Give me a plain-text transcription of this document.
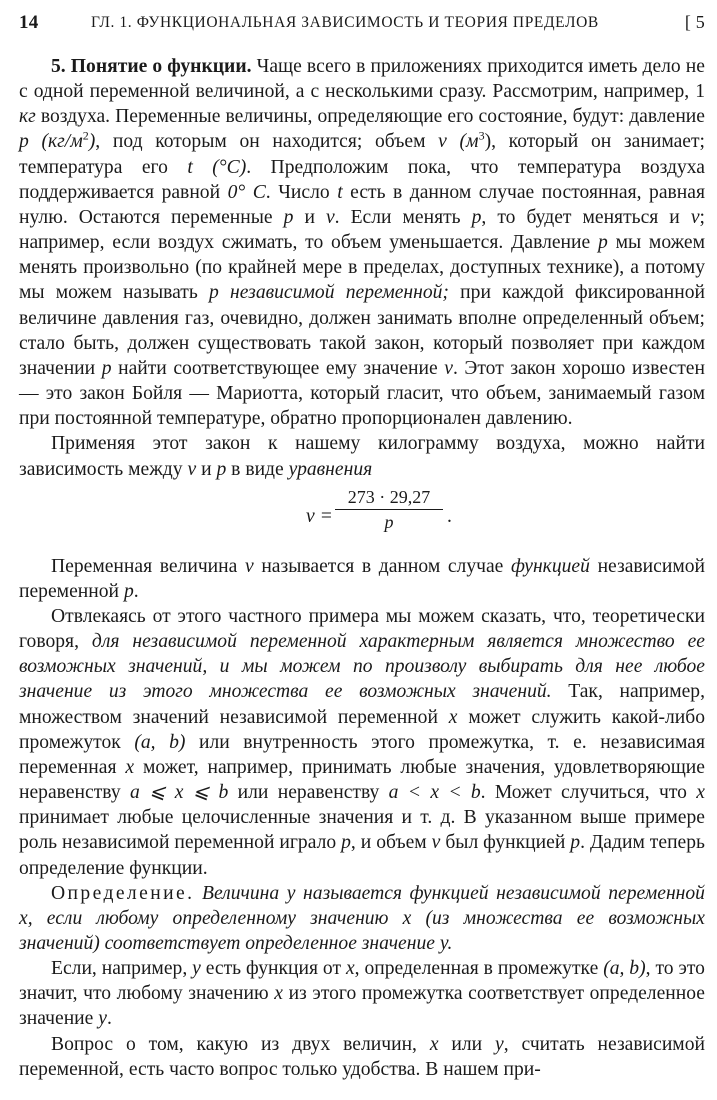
14	ГЛ. 1. ФУНКЦИОНАЛЬНАЯ ЗАВИСИМОСТЬ И ТЕОРИЯ ПРЕДЕЛОВ	[ 5

5. Понятие о функции. Чаще всего в приложениях приходится иметь дело не с одной переменной величиной, а с несколькими сразу. Рассмотрим, например, 1 кг воздуха. Переменные величины, определяющие его состояние, будут: давление p $(кг/м^2)$, под которым он находится; объем v $(м^3)$, который он занимает; температура его t (°C). Предположим пока, что температура воздуха поддерживается равной 0° C. Число t есть в данном случае постоянная, равная нулю. Остаются переменные p и v. Если менять p, то будет меняться и v; например, если воздух сжимать, то объем уменьшается. Давление p мы можем менять произвольно (по крайней мере в пределах, доступных технике), а потому мы можем называть p независимой переменной; при каждой фиксированной величине давления газ, очевидно, должен занимать вполне определенный объем; стало быть, должен существовать такой закон, который позволяет при каждом значении p найти соответствующее ему значение v. Этот закон хорошо известен — это закон Бойля — Мариотта, который гласит, что объем, занимаемый газом при постоянной температуре, обратно пропорционален давлению.

Применяя этот закон к нашему килограмму воздуха, можно найти зависимость между v и p в виде уравнения

$v = \frac{273 \cdot 29,27}{p}$ .

Переменная величина v называется в данном случае функцией независимой переменной p.

Отвлекаясь от этого частного примера мы можем сказать, что, теоретически говоря, для независимой переменной характерным является множество ее возможных значений, и мы можем по произволу выбирать для нее любое значение из этого множества ее возможных значений. Так, например, множеством значений независимой переменной x может служить какой-либо промежуток (a, b) или внутренность этого промежутка, т. е. независимая переменная x может, например, принимать любые значения, удовлетворяющие неравенству a ⩽ x ⩽ b или неравенству a < x < b. Может случиться, что x принимает любые целочисленные значения и т. д. В указанном выше примере роль независимой переменной играло p, и объем v был функцией p. Дадим теперь определение функции.

Определение. Величина y называется функцией независимой переменной x, если любому определенному значению x (из множества ее возможных значений) соответствует определенное значение y.

Если, например, y есть функция от x, определенная в промежутке (a, b), то это значит, что любому значению x из этого промежутка соответствует определенное значение y.

Вопрос о том, какую из двух величин, x или y, считать независимой переменной, есть часто вопрос только удобства. В нашем при-
